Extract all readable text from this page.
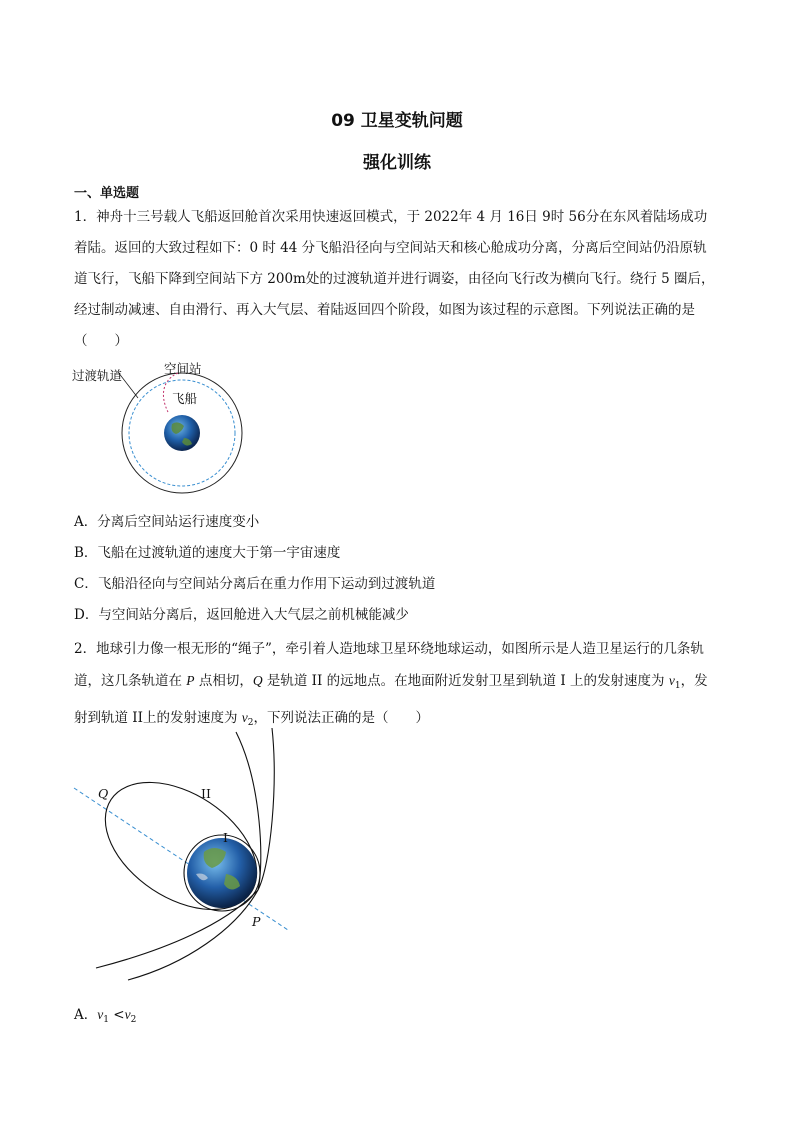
09 卫星变轨问题
强化训练
一、单选题
1．神舟十三号载人飞船返回舱首次采用快速返回模式，于 2022年 4 月 16日 9时 56分在东风着陆场成功
着陆。返回的大致过程如下：0 时 44 分飞船沿径向与空间站天和核心舱成功分离，分离后空间站仍沿原轨
道飞行，飞船下降到空间站下方 200m处的过渡轨道并进行调姿，由径向飞行改为横向飞行。绕行 5 圈后，
经过制动减速、自由滑行、再入大气层、着陆返回四个阶段，如图为该过程的示意图。下列说法正确的是
（　　）
过渡轨道	空间站
飞船
A．分离后空间站运行速度变小
B．飞船在过渡轨道的速度大于第一宇宙速度
C．飞船沿径向与空间站分离后在重力作用下运动到过渡轨道
D．与空间站分离后，返回舱进入大气层之前机械能减少
2．地球引力像一根无形的“绳子”，牵引着人造地球卫星环绕地球运动，如图所示是人造卫星运行的几条轨
道，这几条轨道在 P 点相切，Q 是轨道 II 的远地点。在地面附近发射卫星到轨道 I 上的发射速度为 $v_1$，发
射到轨道 II上的发射速度为 $v_2$，下列说法正确的是（　　）
Q	II
I
P
A．$v_1 <v_2$
